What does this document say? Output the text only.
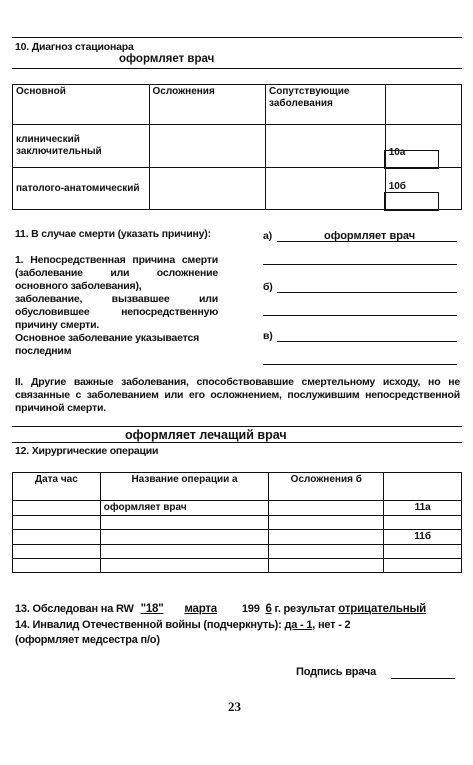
10. Диагноз стационара
оформляет врач
Основной	Осложнения	Сопутствующие заболевания	
клинический заключительный			10а

патолого-анатомический			10б
11. В случае смерти (указать причину):
1. Непосредственная причина смерти (заболевание или осложнение основного заболевания),
заболевание, вызвавшее или обусловившее непосредственную причину смерти.
Основное заболевание указывается последним
а)	оформляет врач
б)
в)
II. Другие важные заболевания, способствовавшие смертельному исходу, но не связанные с заболеванием или его осложнением, послужившим непосредственной причиной смерти.
оформляет лечащий врач
12. Хирургические операции
Дата час	Название операции а	Осложнения б	
	оформляет врач		11а

			11б

13. Обследован на RW "18" марта 199 6 г. результат отрицательный
14. Инвалид Отечественной войны (подчеркнуть): да - 1, нет - 2
(оформляет медсестра п/о)
Подпись врача
23
